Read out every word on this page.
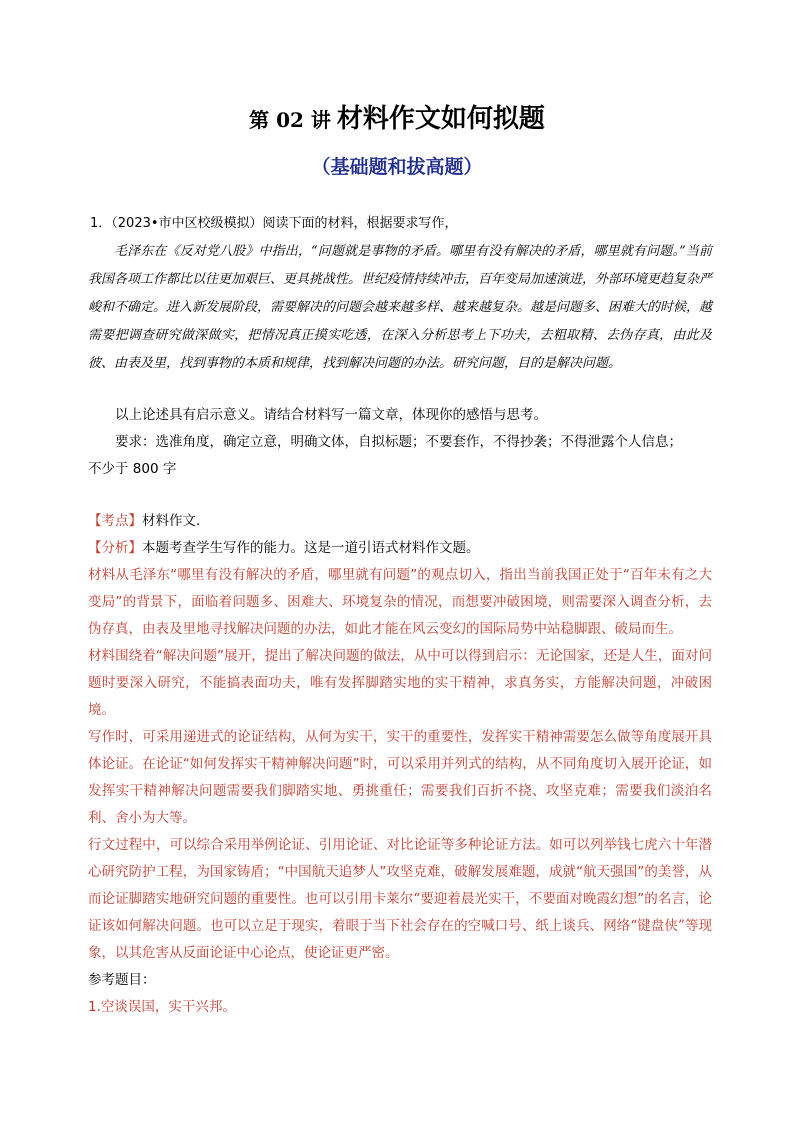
第 02 讲 材料作文如何拟题
（基础题和拔高题）
1．（2023•市中区校级模拟）阅读下面的材料，根据要求写作，
毛泽东在《反对党八股》中指出，“问题就是事物的矛盾。哪里有没有解决的矛盾，哪里就有问题。”当前我国各项工作都比以往更加艰巨、更具挑战性。世纪疫情持续冲击，百年变局加速演进，外部环境更趋复杂严峻和不确定。进入新发展阶段，需要解决的问题会越来越多样、越来越复杂。越是问题多、困难大的时候，越需要把调查研究做深做实，把情况真正摸实吃透，在深入分析思考上下功夫，去粗取精、去伪存真，由此及彼、由表及里，找到事物的本质和规律，找到解决问题的办法。研究问题，目的是解决问题。

以上论述具有启示意义。请结合材料写一篇文章，体现你的感悟与思考。

要求：选准角度，确定立意，明确文体，自拟标题；不要套作，不得抄袭；不得泄露个人信息；

不少于 800 字
【考点】材料作文．
【分析】本题考查学生写作的能力。这是一道引语式材料作文题。

材料从毛泽东“哪里有没有解决的矛盾，哪里就有问题”的观点切入，指出当前我国正处于“百年未有之大变局”的背景下，面临着问题多、困难大、环境复杂的情况，而想要冲破困境，则需要深入调查分析，去伪存真，由表及里地寻找解决问题的办法，如此才能在风云变幻的国际局势中站稳脚跟、破局而生。

材料围绕着“解决问题”展开，提出了解决问题的做法，从中可以得到启示：无论国家，还是人生，面对问题时要深入研究，不能搞表面功夫，唯有发挥脚踏实地的实干精神，求真务实，方能解决问题，冲破困境。

写作时，可采用递进式的论证结构，从何为实干，实干的重要性，发挥实干精神需要怎么做等角度展开具体论证。在论证“如何发挥实干精神解决问题”时，可以采用并列式的结构，从不同角度切入展开论证，如发挥实干精神解决问题需要我们脚踏实地、勇挑重任；需要我们百折不挠、攻坚克难；需要我们淡泊名利、舍小为大等。

行文过程中，可以综合采用举例论证、引用论证、对比论证等多种论证方法。如可以列举钱七虎六十年潜心研究防护工程，为国家铸盾；“中国航天追梦人”攻坚克难，破解发展难题，成就“航天强国”的美誉，从而论证脚踏实地研究问题的重要性。也可以引用卡莱尔“要迎着晨光实干，不要面对晚霞幻想”的名言，论证该如何解决问题。也可以立足于现实，着眼于当下社会存在的空喊口号、纸上谈兵、网络“键盘侠”等现象，以其危害从反面论证中心论点，使论证更严密。

参考题目：
1.空谈误国，实干兴邦。
